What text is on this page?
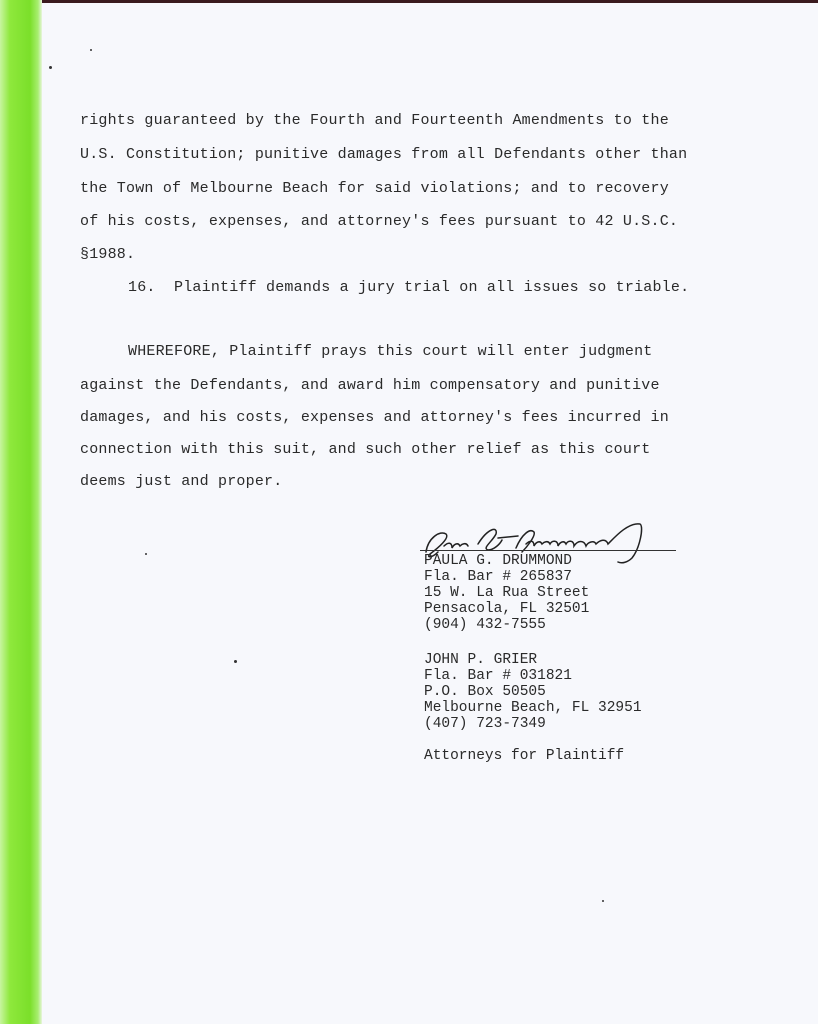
rights guaranteed by the Fourth and Fourteenth Amendments to the
U.S. Constitution; punitive damages from all Defendants other than
the Town of Melbourne Beach for said violations; and to recovery
of his costs, expenses, and attorney's fees pursuant to 42 U.S.C.
§1988.
16.  Plaintiff demands a jury trial on all issues so triable.
WHEREFORE, Plaintiff prays this court will enter judgment
against the Defendants, and award him compensatory and punitive
damages, and his costs, expenses and attorney's fees incurred in
connection with this suit, and such other relief as this court
deems just and proper.
PAULA G. DRUMMOND
Fla. Bar # 265837
15 W. La Rua Street
Pensacola, FL 32501
(904) 432-7555
JOHN P. GRIER
Fla. Bar # 031821
P.O. Box 50505
Melbourne Beach, FL 32951
(407) 723-7349
Attorneys for Plaintiff
